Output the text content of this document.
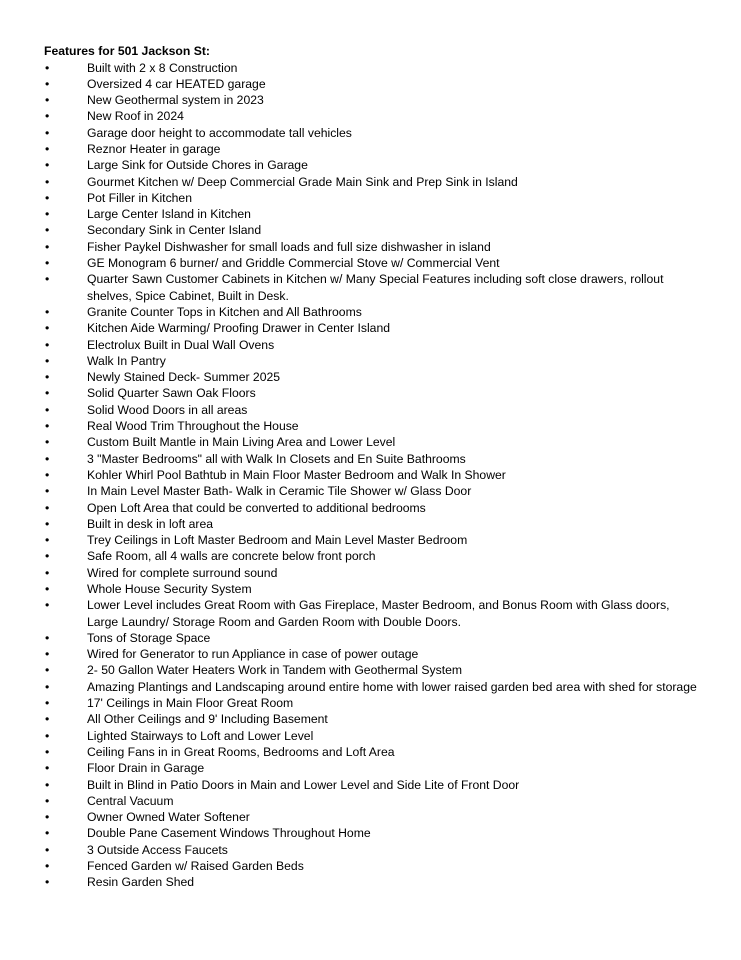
Features for 501 Jackson St:
•	Built with 2 x 8 Construction
•	Oversized 4 car HEATED garage
•	New Geothermal system in 2023
•	New Roof in 2024
•	Garage door height to accommodate tall vehicles
•	Reznor Heater in garage
•	Large Sink for Outside Chores in Garage
•	Gourmet Kitchen w/ Deep Commercial Grade Main Sink and Prep Sink in Island
•	Pot Filler in Kitchen
•	Large Center Island in Kitchen
•	Secondary Sink in Center Island
•	Fisher Paykel Dishwasher for small loads and full size dishwasher in island
•	GE Monogram 6 burner/ and Griddle Commercial Stove w/ Commercial Vent
•	Quarter Sawn Customer Cabinets in Kitchen w/ Many Special Features including soft close drawers, rollout shelves, Spice Cabinet, Built in Desk.
•	Granite Counter Tops in Kitchen and All Bathrooms
•	Kitchen Aide Warming/ Proofing Drawer in Center Island
•	Electrolux Built in Dual Wall Ovens
•	Walk In Pantry
•	Newly Stained Deck- Summer 2025
•	Solid Quarter Sawn Oak Floors
•	Solid Wood Doors in all areas
•	Real Wood Trim Throughout the House
•	Custom Built Mantle in Main Living Area and Lower Level
•	3 "Master Bedrooms" all with Walk In Closets and En Suite Bathrooms
•	Kohler Whirl Pool Bathtub in Main Floor Master Bedroom and Walk In Shower
•	In Main Level Master Bath- Walk in Ceramic Tile Shower w/ Glass Door
•	Open Loft Area that could be converted to additional bedrooms
•	Built in desk in loft area
•	Trey Ceilings in Loft Master Bedroom and Main Level Master Bedroom
•	Safe Room, all 4 walls are concrete below front porch
•	Wired for complete surround sound
•	Whole House Security System
•	Lower Level includes Great Room with Gas Fireplace, Master Bedroom, and Bonus Room with Glass doors, Large Laundry/ Storage Room and Garden Room with Double Doors.
•	Tons of Storage Space
•	Wired for Generator to run Appliance in case of power outage
•	2- 50 Gallon Water Heaters Work in Tandem with Geothermal System
•	Amazing Plantings and Landscaping around entire home with lower raised garden bed area with shed for storage
•	17' Ceilings in Main Floor Great Room
•	All Other Ceilings and 9' Including Basement
•	Lighted Stairways to Loft and Lower Level
•	Ceiling Fans in in Great Rooms, Bedrooms and Loft Area
•	Floor Drain in Garage
•	Built in Blind in Patio Doors in Main and Lower Level and Side Lite of Front Door
•	Central Vacuum
•	Owner Owned Water Softener
•	Double Pane Casement Windows Throughout Home
•	3 Outside Access Faucets
•	Fenced Garden w/ Raised Garden Beds
•	Resin Garden Shed
